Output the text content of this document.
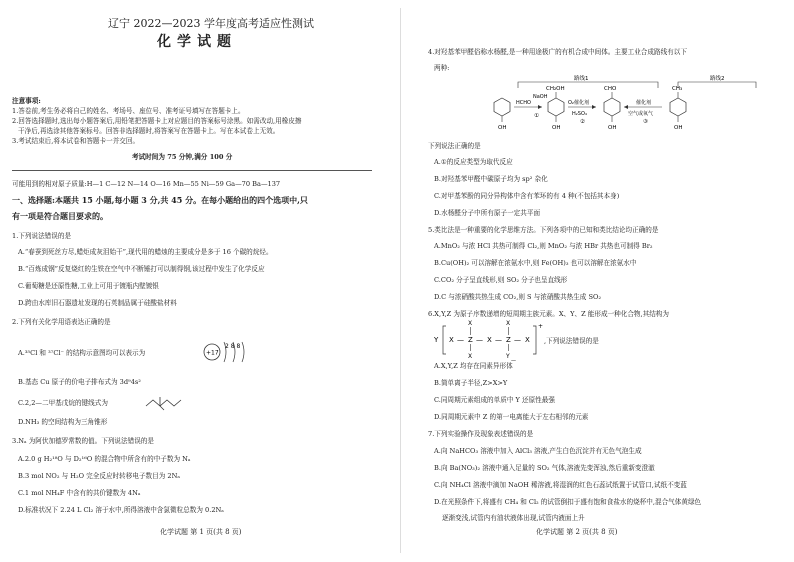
辽宁 2022—2023 学年度高考适应性测试
化学试题
注意事项:
1.答卷前,考生务必将自己的姓名、考场号、座位号、准考证号填写在答题卡上。
2.回答选择题时,选出每小题答案后,用铅笔把答题卡上对应题目的答案标号涂黑。如需改动,用橡皮擦
干净后,再选涂其他答案标号。回答非选择题时,将答案写在答题卡上。写在本试卷上无效。
3.考试结束后,将本试卷和答题卡一并交回。
考试时间为 75 分钟,满分 100 分
可能用到的相对原子质量:H—1 C—12 N—14 O—16 Mn—55 Ni—59 Ga—70 Ba—137
一、选择题:本题共 15 小题,每小题 3 分,共 45 分。在每小题给出的四个选项中,只
有一项是符合题目要求的。
1.下列说法错误的是
A.“春蚕到死丝方尽,蜡炬成灰泪始干”,现代用的蜡烛的主要成分是多于 16 个碳的烷烃。
B.“百炼成钢”反复烧红的生铁在空气中不断锤打可以制得钢,该过程中发生了化学反应
C.葡萄糖是还原性糖,工业上可用于镀瓶内壁镀银
D.跨由水库旧石器遗址发现的石英制品属于硅酸盐材料
2.下列有关化学用语表达正确的是
A.³⁵Cl 和 ³⁷Cl⁻ 的结构示意图均可以表示为	+17
2 8 8
B.基态 Cu 原子的价电子排布式为 3d⁹4s²
C.2,2—二甲基戊烷的键线式为
D.NH₃ 的空间结构为三角锥形
3.Nₐ 为阿伏加德罗常数的值。下列说法错误的是
A.2.0 g H₂¹⁸O 与 D₂¹⁶O 的混合物中所含有的中子数为 Nₐ
B.3 mol NO₂ 与 H₂O 完全反应时转移电子数目为 2Nₐ
C.1 mol NH₄F 中含有的共价键数为 4Nₐ
D.标准状况下 2.24 L Cl₂ 溶于水中,所得溶液中含氯微粒总数为 0.2Nₐ
化学试题 第 1 页(共 8 页)
4.对羟基苯甲醛俗称水杨醛,是一种用途极广的有机合成中间体。主要工业合成路线有以下
两种:
路线1	路线2
OH
HCHO
NaOH
①
CH₂OH
OH
O₂催化剂
H₂SO₄
②
CHO
OH
催化剂
空气或氧气
③
CH₃
OH
下列说法正确的是
A.①的反应类型为取代反应
B.对羟基苯甲醛中碳原子均为 sp² 杂化
C.对甲基苯酚的同分异构体中含有苯环的有 4 种(不包括其本身)
D.水杨醛分子中所有原子一定共平面
5.类比法是一种重要的化学思维方法。下列各项中的已知和类比结论均正确的是
A.MnO₂ 与浓 HCl 共热可制得 Cl₂,则 MnO₂ 与浓 HBr 共热也可制得 Br₂
B.Cu(OH)₂ 可以溶解在浓氨水中,则 Fe(OH)₃ 也可以溶解在浓氨水中
C.CO₂ 分子呈直线形,则 SO₂ 分子也呈直线形
D.C 与浓硝酸共热生成 CO₂,则 S 与浓硝酸共热生成 SO₂
6.X,Y,Z 为原子序数递增的短周期主族元素。X、Y、Z 能形成一种化合物,其结构为
Y X — Z — X — Z — X
X
X
X
Y
—
+
,下列说法错误的是
A.X,Y,Z 均存在同素异形体
B.简单离子半径,Z>X>Y
C.同周期元素组成的单质中 Y 还原性最强
D.同周期元素中 Z 的第一电离能大于左右相邻的元素
7.下列实验操作及现象表述错误的是
A.向 NaHCO₃ 溶液中加入 AlCl₃ 溶液,产生白色沉淀并有无色气泡生成
B.向 Ba(NO₃)₂ 溶液中通入足量的 SO₂ 气体,溶液先变浑浊,然后重新变澄澈
C.向 NH₄Cl 溶液中滴加 NaOH 稀溶液,将湿润的红色石蕊试纸置于试管口,试纸不变蓝
D.在光照条件下,将盛有 CH₄ 和 Cl₂ 的试管倒扣于盛有饱和食盐水的烧杯中,混合气体黄绿色
逐渐变浅,试管内有油状液体出现,试管内液面上升
化学试题 第 2 页(共 8 页)
